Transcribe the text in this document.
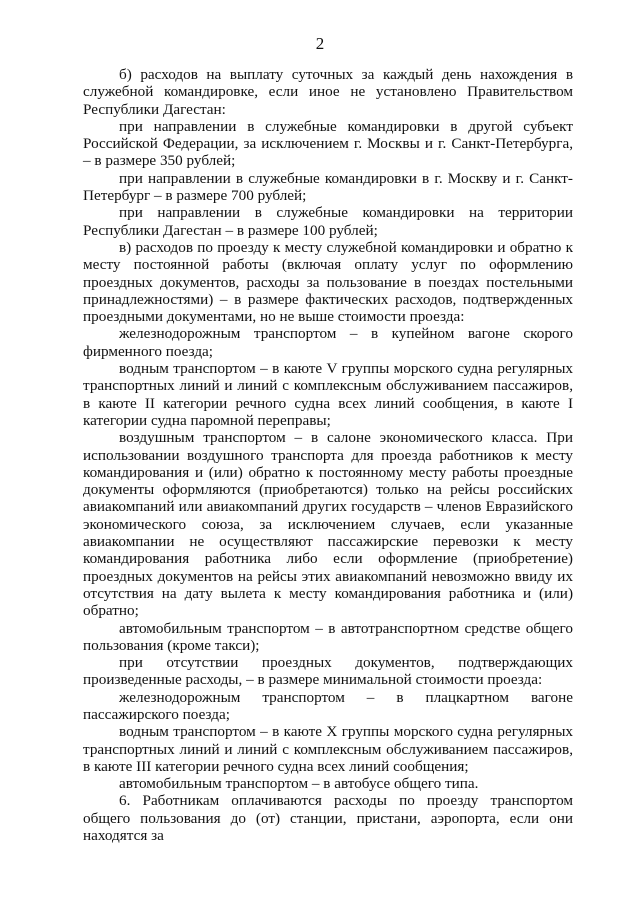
2

б) расходов на выплату суточных за каждый день нахождения в служебной командировке, если иное не установлено Правительством Республики Дагестан:

при направлении в служебные командировки в другой субъект Российской Федерации, за исключением г. Москвы и г. Санкт-Петербурга, – в размере 350 рублей;

при направлении в служебные командировки в г. Москву и г. Санкт-Петербург – в размере 700 рублей;

при направлении в служебные командировки на территории Республики Дагестан – в размере 100 рублей;

в) расходов по проезду к месту служебной командировки и обратно к месту постоянной работы (включая оплату услуг по оформлению проездных документов, расходы за пользование в поездах постельными принадлежностями) – в размере фактических расходов, подтвержденных проездными документами, но не выше стоимости проезда:

железнодорожным транспортом – в купейном вагоне скорого фирменного поезда;

водным транспортом – в каюте V группы морского судна регулярных транспортных линий и линий с комплексным обслуживанием пассажиров, в каюте II категории речного судна всех линий сообщения, в каюте I категории судна паромной переправы;

воздушным транспортом – в салоне экономического класса. При использовании воздушного транспорта для проезда работников к месту командирования и (или) обратно к постоянному месту работы проездные документы оформляются (приобретаются) только на рейсы российских авиакомпаний или авиакомпаний других государств – членов Евразийского экономического союза, за исключением случаев, если указанные авиакомпании не осуществляют пассажирские перевозки к месту командирования работника либо если оформление (приобретение) проездных документов на рейсы этих авиакомпаний невозможно ввиду их отсутствия на дату вылета к месту командирования работника и (или) обратно;

автомобильным транспортом – в автотранспортном средстве общего пользования (кроме такси);

при отсутствии проездных документов, подтверждающих произведенные расходы, – в размере минимальной стоимости проезда:

железнодорожным транспортом – в плацкартном вагоне пассажирского поезда;

водным транспортом – в каюте X группы морского судна регулярных транспортных линий и линий с комплексным обслуживанием пассажиров, в каюте III категории речного судна всех линий сообщения;

автомобильным транспортом – в автобусе общего типа.

6. Работникам оплачиваются расходы по проезду транспортом общего пользования до (от) станции, пристани, аэропорта, если они находятся за
